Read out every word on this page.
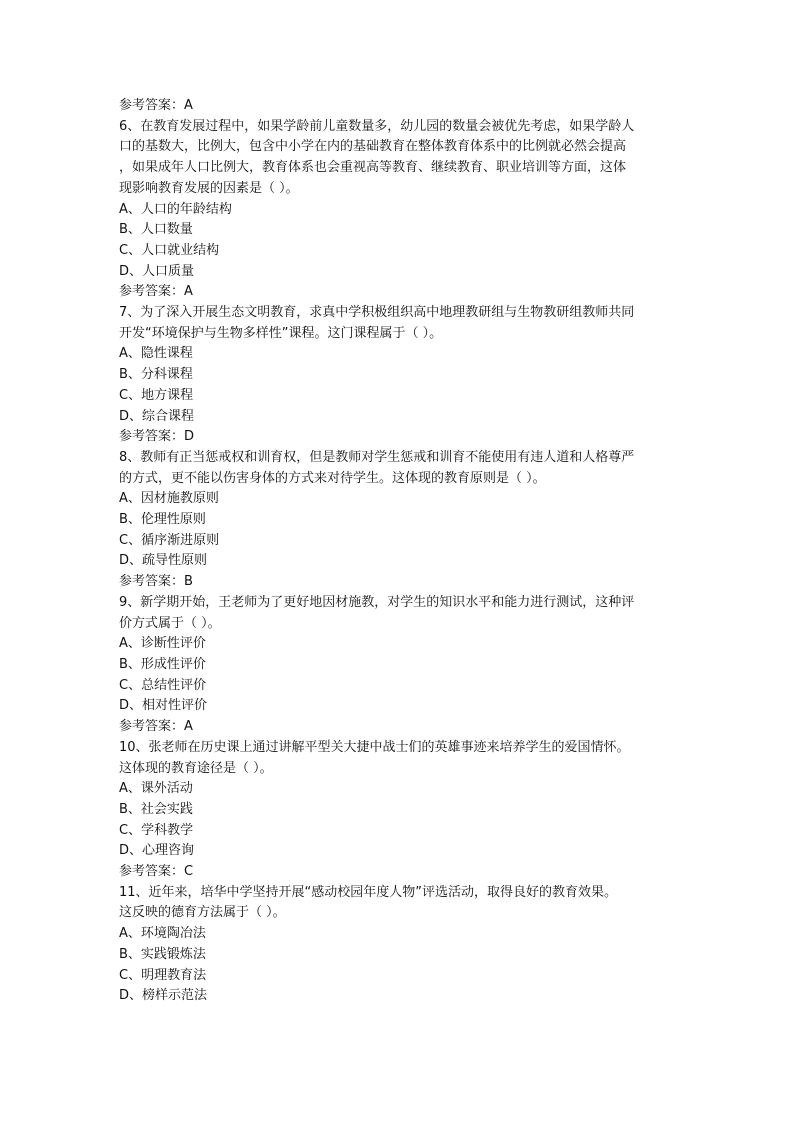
参考答案：A
6、在教育发展过程中，如果学龄前儿童数量多，幼儿园的数量会被优先考虑，如果学龄人
口的基数大，比例大，包含中小学在内的基础教育在整体教育体系中的比例就必然会提高
，如果成年人口比例大，教育体系也会重视高等教育、继续教育、职业培训等方面，这体
现影响教育发展的因素是（ ）。
A、人口的年龄结构
B、人口数量
C、人口就业结构
D、人口质量
参考答案：A
7、为了深入开展生态文明教育，求真中学积极组织高中地理教研组与生物教研组教师共同
开发“环境保护与生物多样性”课程。这门课程属于（ ）。
A、隐性课程
B、分科课程
C、地方课程
D、综合课程
参考答案：D
8、教师有正当惩戒权和训育权，但是教师对学生惩戒和训育不能使用有违人道和人格尊严
的方式，更不能以伤害身体的方式来对待学生。这体现的教育原则是（ ）。
A、因材施教原则
B、伦理性原则
C、循序渐进原则
D、疏导性原则
参考答案：B
9、新学期开始，王老师为了更好地因材施教，对学生的知识水平和能力进行测试，这种评
价方式属于（ ）。
A、诊断性评价
B、形成性评价
C、总结性评价
D、相对性评价
参考答案：A
10、张老师在历史课上通过讲解平型关大捷中战士们的英雄事迹来培养学生的爱国情怀。
这体现的教育途径是（ ）。
A、课外活动
B、社会实践
C、学科教学
D、心理咨询
参考答案：C
11、近年来，培华中学坚持开展“感动校园年度人物”评选活动，取得良好的教育效果。
这反映的德育方法属于（ ）。
A、环境陶冶法
B、实践锻炼法
C、明理教育法
D、榜样示范法
